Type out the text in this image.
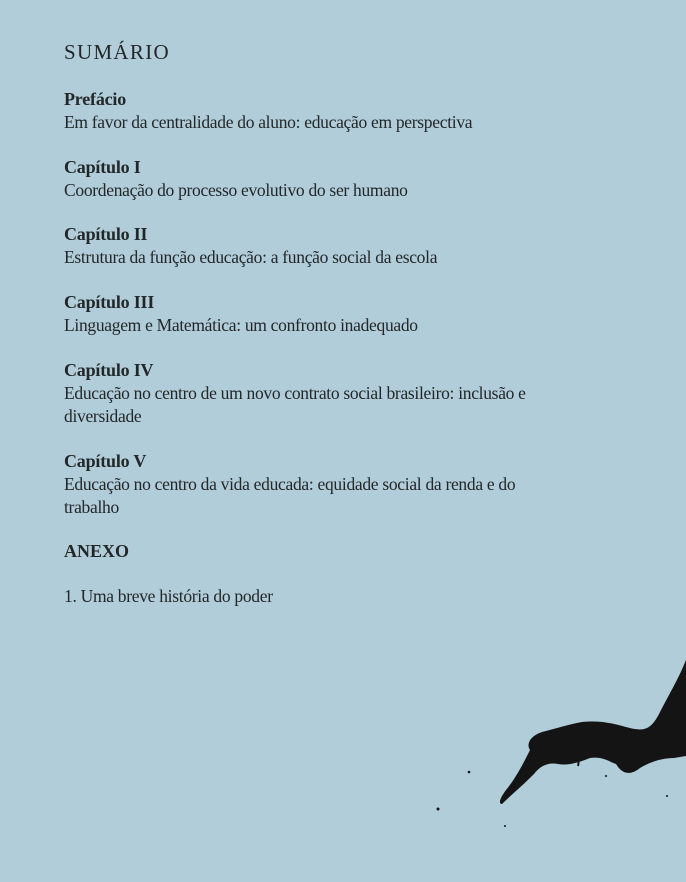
SUMÁRIO
Prefácio
Em favor da centralidade do aluno: educação em perspectiva
Capítulo I
Coordenação do processo evolutivo do ser humano
Capítulo II
Estrutura da função educação: a função social da escola
Capítulo III
Linguagem e Matemática: um confronto inadequado
Capítulo IV
Educação no centro de um novo contrato social brasileiro: inclusão e diversidade
Capítulo V
Educação no centro da vida educada: equidade social da renda e do trabalho
ANEXO
1. Uma breve história do poder
